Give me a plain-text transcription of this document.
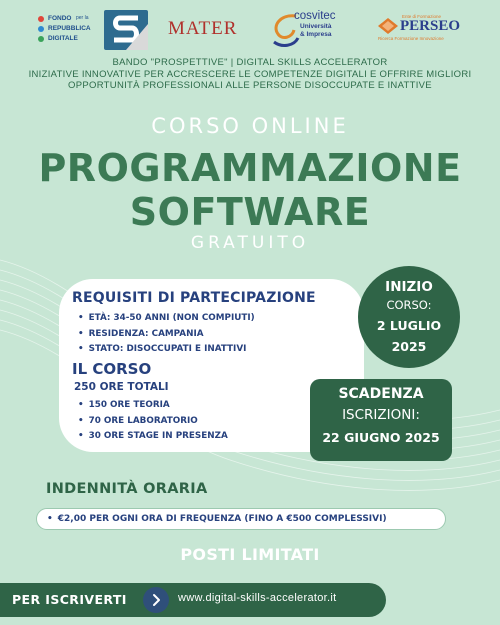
FONDO per la
REPUBBLICA
DIGITALE	MATER
cosvitec
Università
& Impresa
Ente di Formazione
PERSEO
Ricerca Formazione Innovazione
BANDO "PROSPETTIVE" | DIGITAL SKILLS ACCELERATOR
INIZIATIVE INNOVATIVE PER ACCRESCERE LE COMPETENZE DIGITALI E OFFRIRE MIGLIORI
OPPORTUNITÀ PROFESSIONALI ALLE PERSONE DISOCCUPATE E INATTIVE
CORSO ONLINE
PROGRAMMAZIONE
SOFTWARE
GRATUITO
REQUISITI DI PARTECIPAZIONE
• ETÀ: 34-50 ANNI (NON COMPIUTI)
• RESIDENZA: CAMPANIA
• STATO: DISOCCUPATI E INATTIVI
IL CORSO
250 ORE TOTALI
• 150 ORE TEORIA
• 70 ORE LABORATORIO
• 30 ORE STAGE IN PRESENZA
INIZIO
CORSO:
2 LUGLIO
2025
SCADENZA
ISCRIZIONI:
22 GIUGNO 2025
INDENNITÀ ORARIA
• €2,00 PER OGNI ORA DI FREQUENZA (FINO A €500 COMPLESSIVI)
POSTI LIMITATI
PER ISCRIVERTI	www.digital-skills-accelerator.it
